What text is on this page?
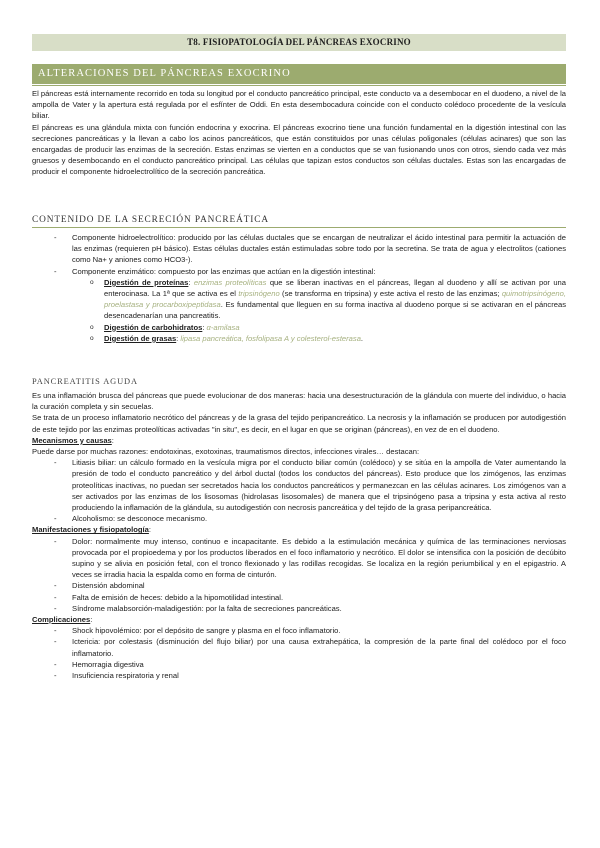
T8. FISIOPATOLOGÍA DEL PÁNCREAS EXOCRINO
ALTERACIONES DEL PÁNCREAS EXOCRINO

El páncreas está internamente recorrido en toda su longitud por el conducto pancreático principal, este conducto va a desembocar en el duodeno, a nivel de la ampolla de Vater y la apertura está regulada por el esfínter de Oddi. En esta desembocadura coincide con el conducto colédoco procedente de la vesícula biliar.

El páncreas es una glándula mixta con función endocrina y exocrina. El páncreas exocrino tiene una función fundamental en la digestión intestinal con las secreciones pancreáticas y la llevan a cabo los acinos pancreáticos, que están constituidos por unas células poligonales (células acinares) que son las encargadas de producir las enzimas de la secreción. Estas enzimas se vierten en a conductos que se van fusionando unos con otros, siendo cada vez más gruesos y desembocando en el conducto pancreático principal. Las células que tapizan estos conductos son células ductales. Estas son las encargadas de producir el componente hidroelectrolítico de la secreción pancreática.

CONTENIDO DE LA SECRECIÓN PANCREÁTICA
- Componente hidroelectrolítico: producido por las células ductales que se encargan de neutralizar el ácido intestinal para permitir la actuación de las enzimas (requieren pH básico). Estas células ductales están estimuladas sobre todo por la secretina. Se trata de agua y electrolitos (cationes como Na+ y aniones como HCO3-).
- Componente enzimático: compuesto por las enzimas que actúan en la digestión intestinal:
o Digestión de proteínas: enzimas proteolíticas que se liberan inactivas en el páncreas, llegan al duodeno y allí se activan por una enterocinasa. La 1ª que se activa es el tripsinógeno (se transforma en tripsina) y este activa el resto de las enzimas; quimotripsinógeno, proelastasa y procarboxipeptidasa. Es fundamental que lleguen en su forma inactiva al duodeno porque si se activaran en el páncreas desencadenarían una pancreatitis.
o Digestión de carbohidratos: α-amilasa
o Digestión de grasas: lipasa pancreática, fosfolipasa A y colesterol-esterasa.
PANCREATITIS AGUDA

Es una inflamación brusca del páncreas que puede evolucionar de dos maneras: hacia una desestructuración de la glándula con muerte del individuo, o hacia la curación completa y sin secuelas.

Se trata de un proceso inflamatorio necrótico del páncreas y de la grasa del tejido peripancreático. La necrosis y la inflamación se producen por autodigestión de este tejido por las enzimas proteolíticas activadas "in situ", es decir, en el lugar en que se originan (páncreas), en vez de en el duodeno.

Mecanismos y causas:

Puede darse por muchas razones: endotoxinas, exotoxinas, traumatismos directos, infecciones virales… destacan:

- Litiasis biliar: un cálculo formado en la vesícula migra por el conducto biliar común (colédoco) y se sitúa en la ampolla de Vater aumentando la presión de todo el conducto pancreático y del árbol ductal (todos los conductos del páncreas). Esto produce que los zimógenos, las enzimas proteolíticas inactivas, no puedan ser secretados hacia los conductos pancreáticos y permanezcan en las células acinares. Los zimógenos van a ser activados por las enzimas de los lisosomas (hidrolasas lisosomales) de manera que el tripsinógeno pasa a tripsina y esta activa al resto produciendo la inflamación de la glándula, su autodigestión con necrosis pancreática y del tejido de la grasa peripancreática.
- Alcoholismo: se desconoce mecanismo.

Manifestaciones y fisiopatología:

- Dolor: normalmente muy intenso, continuo e incapacitante. Es debido a la estimulación mecánica y química de las terminaciones nerviosas provocada por el propioedema y por los productos liberados en el foco inflamatorio y necrótico. El dolor se intensifica con la posición de decúbito supino y se alivia en posición fetal, con el tronco flexionado y las rodillas recogidas. Se localiza en la región periumbilical y en el epigastrio. A veces se irradia hacia la espalda como en forma de cinturón.
- Distensión abdominal
- Falta de emisión de heces: debido a la hipomotilidad intestinal.
- Síndrome malabsorción-maladigestión: por la falta de secreciones pancreáticas.

Complicaciones:

- Shock hipovolémico: por el depósito de sangre y plasma en el foco inflamatorio.
- Ictericia: por colestasis (disminución del flujo biliar) por una causa extrahepática, la compresión de la parte final del colédoco por el foco inflamatorio.
- Hemorragia digestiva
- Insuficiencia respiratoria y renal
